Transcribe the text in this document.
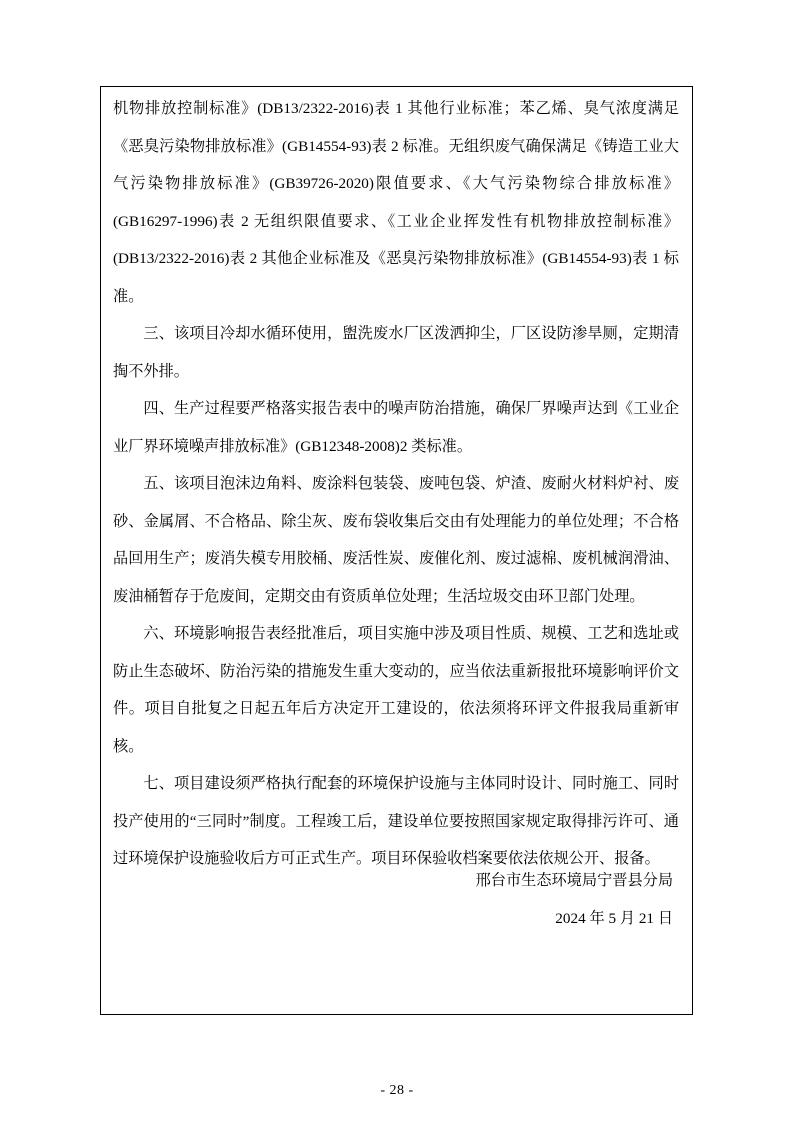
机物排放控制标准》(DB13/2322-2016)表 1 其他行业标准；苯乙烯、臭气浓度满足《恶臭污染物排放标准》(GB14554-93)表 2 标准。无组织废气确保满足《铸造工业大气污染物排放标准》(GB39726-2020)限值要求、《大气污染物综合排放标准》(GB16297-1996)表 2 无组织限值要求、《工业企业挥发性有机物排放控制标准》(DB13/2322-2016)表 2 其他企业标准及《恶臭污染物排放标准》(GB14554-93)表 1 标准。

三、该项目冷却水循环使用，盥洗废水厂区泼洒抑尘，厂区设防渗旱厕，定期清掏不外排。

四、生产过程要严格落实报告表中的噪声防治措施，确保厂界噪声达到《工业企业厂界环境噪声排放标准》(GB12348-2008)2 类标准。

五、该项目泡沫边角料、废涂料包装袋、废吨包袋、炉渣、废耐火材料炉衬、废砂、金属屑、不合格品、除尘灰、废布袋收集后交由有处理能力的单位处理；不合格品回用生产；废消失模专用胶桶、废活性炭、废催化剂、废过滤棉、废机械润滑油、废油桶暂存于危废间，定期交由有资质单位处理；生活垃圾交由环卫部门处理。

六、环境影响报告表经批准后，项目实施中涉及项目性质、规模、工艺和选址或防止生态破坏、防治污染的措施发生重大变动的，应当依法重新报批环境影响评价文件。项目自批复之日起五年后方决定开工建设的，依法须将环评文件报我局重新审核。

七、项目建设须严格执行配套的环境保护设施与主体同时设计、同时施工、同时投产使用的“三同时”制度。工程竣工后，建设单位要按照国家规定取得排污许可、通过环境保护设施验收后方可正式生产。项目环保验收档案要依法依规公开、报备。

邢台市生态环境局宁晋县分局

2024 年 5 月 21 日

- 28 -
